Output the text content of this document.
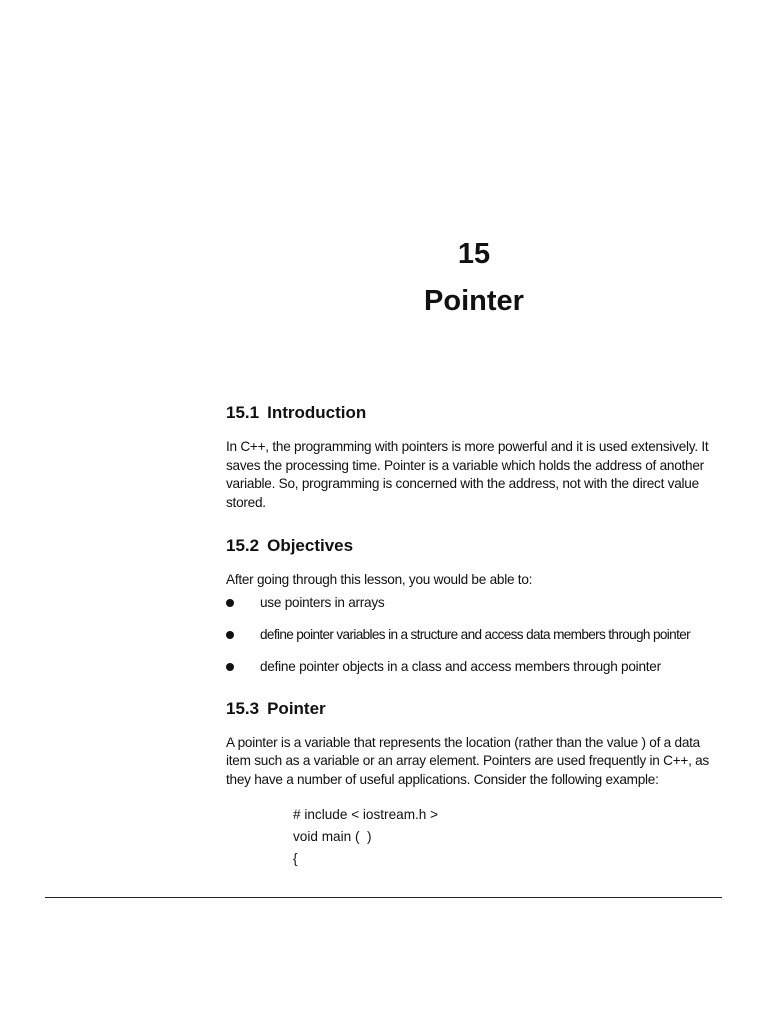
15
Pointer
15.1 Introduction

In C++, the programming with pointers is more powerful and it is used extensively. It saves the processing time. Pointer is a variable which holds the address of another variable. So, programming is concerned with the address, not with the direct value stored.

15.2 Objectives

After going through this lesson, you would be able to:

use pointers in arrays
define pointer variables in a structure and access data members through pointer
define pointer objects in a class and access members through pointer
15.3 Pointer

A pointer is a variable that represents the location (rather than the value ) of a data item such as a variable or an array element. Pointers are used frequently in C++, as they have a number of useful applications. Consider the following example:

# include < iostream.h >
void main (  )
{
